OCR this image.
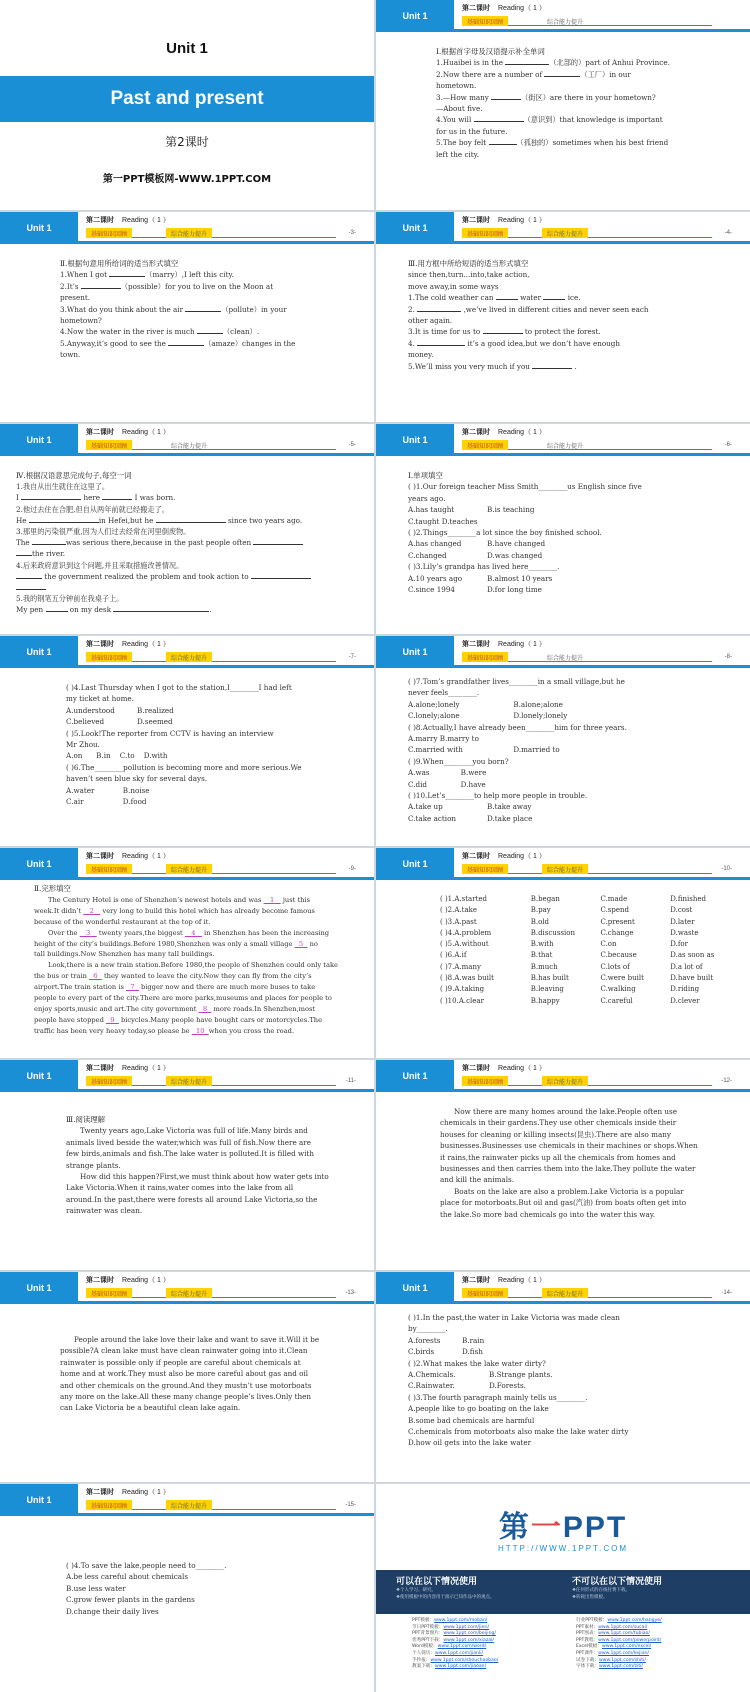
Unit 1
Past and present
第2课时
第一PPT模板网-WWW.1PPT.COM
Unit 1
第二课时 Reading（ 1 ）
基础知识回顾	综合能力提升

Ⅰ.根据首字母及汉语提示补全单词

1.Huaibei is in the	（北部的）part of Anhui Province.

2.Now there are a number of	（工厂）in our

hometown.

3.—How many	（街区）are there in your hometown?

—About five.

4.You will	（意识到）that knowledge is important

for us in the future.

5.The boy felt	（孤独的）sometimes when his best friend

left the city.

Unit 1
第二课时 Reading（ 1 ）
基础知识回顾	综合能力提升	-3-

Ⅱ.根据句意用所给词的适当形式填空

1.When I got	（marry）,I left this city.

2.It’s	（possible）for you to live on the Moon at

present.

3.What do you think about the air	（pollute）in your

hometown?

4.Now the water in the river is much	（clean）.

5.Anyway,it’s good to see the	（amaze）changes in the

town.

Unit 1
第二课时 Reading（ 1 ）
基础知识回顾	综合能力提升	-4-

Ⅲ.用方框中所给短语的适当形式填空

since then,turn...into,take action,

move away,in some ways

1.The cold weather can	water	ice.

2.	,we’ve lived in different cities and never seen each

other again.

3.It is time for us to	to protect the forest.

4.	it’s a good idea,but we don’t have enough

money.

5.We’ll miss you very much if you	.

Unit 1
第二课时 Reading（ 1 ）
基础知识回顾	综合能力提升	-5-

Ⅳ.根据汉语意思完成句子,每空一词

1.我自从出生就住在这里了。

I	here	I was born.

2.他过去住在合肥,但自从两年前就已经搬走了。

He	in Hefei,but he	since two years ago.

3.那里的污染很严重,因为人们过去经常在河里倒废物。

The	was serious there,because in the past people often

the river.

4.后来政府意识到这个问题,并且采取措施改善情况。

the government realized the problem and took action to

5.我的钢笔五分钟前在我桌子上。

My pen	on my desk	.

Unit 1
第二课时 Reading（ 1 ）
基础知识回顾	综合能力提升	-6-

Ⅰ.单项填空

( )1.Our foreign teacher Miss Smith________us English since five

years ago.

A.has taught	B.is teaching

C.taught D.teaches

( )2.Things________a lot since the boy finished school.

A.has changed	B.have changed

C.changed	D.was changed

( )3.Lily’s grandpa has lived here________.

A.10 years ago	B.almost 10 years

C.since 1994	D.for long time

Unit 1
第二课时 Reading（ 1 ）
基础知识回顾	综合能力提升	-7-

( )4.Last Thursday when I got to the station,I________I had left

my ticket at home.

A.understood	B.realized

C.believed	D.seemed

( )5.Look!The reporter from CCTV is having an interview

Mr Zhou.

A.on B.in C.to D.with

( )6.The________pollution is becoming more and more serious.We

haven’t seen blue sky for several days.

A.water	B.noise

C.air	D.food

Unit 1
第二课时 Reading（ 1 ）
基础知识回顾	综合能力提升	-8-

( )7.Tom’s grandfather lives________in a small village,but he

never feels________.

A.alone;lonely	B.alone;alone

C.lonely;alone	D.lonely;lonely

( )8.Actually,I have already been________him for three years.

A.marry B.marry to

C.married with	D.married to

( )9.When________you born?

A.was	B.were

C.did	D.have

( )10.Let’s________to help more people in trouble.

A.take up	B.take away

C.take action	D.take place

Unit 1
第二课时 Reading（ 1 ）
基础知识回顾	综合能力提升	-9-

Ⅱ.完形填空

The Century Hotel is one of Shenzhen’s newest hotels and was 1 just this

week.It didn’t 2 very long to build this hotel which has already become famous

because of the wonderful restaurant at the top of it.

Over the 3 twenty years,the biggest 4 in Shenzhen has been the increasing

height of the city’s buildings.Before 1980,Shenzhen was only a small village 5 no

tall buildings.Now Shenzhen has many tall buildings.

Look,there is a new train station.Before 1980,the people of Shenzhen could only take

the bus or train 6 they wanted to leave the city.Now they can fly from the city’s

airport.The train station is 7 bigger now and there are much more buses to take

people to every part of the city.There are more parks,museums and places for people to

enjoy sports,music and art.The city government 8 more roads.In Shenzhen,most

people have stopped 9 bicycles.Many people have bought cars or motorcycles.The

traffic has been very heavy today,so please be 10 when you cross the road.

Unit 1
第二课时 Reading（ 1 ）
基础知识回顾	综合能力提升	-10-

( )1.A.started	B.began	C.made	D.finished

( )2.A.take	B.pay	C.spend	D.cost

( )3.A.past	B.old	C.present	D.later

( )4.A.problem	B.discussion	C.change	D.waste

( )5.A.without	B.with	C.on	D.for

( )6.A.if	B.that	C.because	D.as soon as

( )7.A.many	B.much	C.lots of	D.a lot of

( )8.A.was built	B.has built	C.were built	D.have built

( )9.A.taking	B.leaving	C.walking	D.riding

( )10.A.clear	B.happy	C.careful	D.clever

Unit 1
第二课时 Reading（ 1 ）
基础知识回顾	综合能力提升	-11-

Ⅲ.阅读理解

Twenty years ago,Lake Victoria was full of life.Many birds and

animals lived beside the water,which was full of fish.Now there are

few birds,animals and fish.The lake water is polluted.It is filled with

strange plants.

How did this happen?First,we must think about how water gets into

Lake Victoria.When it rains,water comes into the lake from all

around.In the past,there were forests all around Lake Victoria,so the

rainwater was clean.

Unit 1
第二课时 Reading（ 1 ）
基础知识回顾	综合能力提升	-12-

Now there are many homes around the lake.People often use

chemicals in their gardens.They use other chemicals inside their

houses for cleaning or killing insects(昆虫).There are also many

businesses.Businesses use chemicals in their machines or shops.When

it rains,the rainwater picks up all the chemicals from homes and

businesses and then carries them into the lake.They pollute the water

and kill the animals.

Boats on the lake are also a problem.Lake Victoria is a popular

place for motorboats.But oil and gas(汽油) from boats often get into

the lake.So more bad chemicals go into the water this way.

Unit 1
第二课时 Reading（ 1 ）
基础知识回顾	综合能力提升	-13-

People around the lake love their lake and want to save it.Will it be

possible?A clean lake must have clean rainwater going into it.Clean

rainwater is possible only if people are careful about chemicals at

home and at work.They must also be more careful about gas and oil

and other chemicals on the ground.And they mustn’t use motorboats

any more on the lake.All these many change people’s lives.Only then

can Lake Victoria be a beautiful clean lake again.

Unit 1
第二课时 Reading（ 1 ）
基础知识回顾	综合能力提升	-14-

( )1.In the past,the water in Lake Victoria was made clean

by________.

A.forests	B.rain

C.birds	D.fish

( )2.What makes the lake water dirty?

A.Chemicals.	B.Strange plants.

C.Rainwater.	D.Forests.

( )3.The fourth paragraph mainly tells us________.

A.people like to go boating on the lake

B.some bad chemicals are harmful

C.chemicals from motorboats also make the lake water dirty

D.how oil gets into the lake water

Unit 1
第二课时 Reading（ 1 ）
基础知识回顾	综合能力提升	-15-

( )4.To save the lake,people need to________.

A.be less careful about chemicals

B.use less water

C.grow fewer plants in the gardens

D.change their daily lives

第一PPT
HTTP://WWW.1PPT.COM
可以在以下情况使用
❖个人学习、研究。
❖使用模板中的内容用于演示已知作品中的观点。
不可以在以下情况使用
❖任何形式的在线付费下载。
❖转载出售模板。
PPT模板：www.1ppt.com/moban/
节日PPT模板：www.1ppt.com/jieri/
PPT背景图片：www.1ppt.com/beijing/
优秀PPT下载：www.1ppt.com/xiazai/
Word模板：www.1ppt.com/word/
个人简历：www.1ppt.com/jianli/
手抄报：www.1ppt.com/shouchaobao/
教案下载：www.1ppt.com/jiaoan/
行业PPT模板：www.1ppt.com/hangye/
PPT素材：www.1ppt.com/sucai/
PPT图表：www.1ppt.com/tubiao/
PPT教程：www.1ppt.com/powerpoint/
Excel模板：www.1ppt.com/excel/
PPT课件：www.1ppt.com/kejian/
试卷下载：www.1ppt.com/shiti/
字体下载：www.1ppt.com/ziti/
